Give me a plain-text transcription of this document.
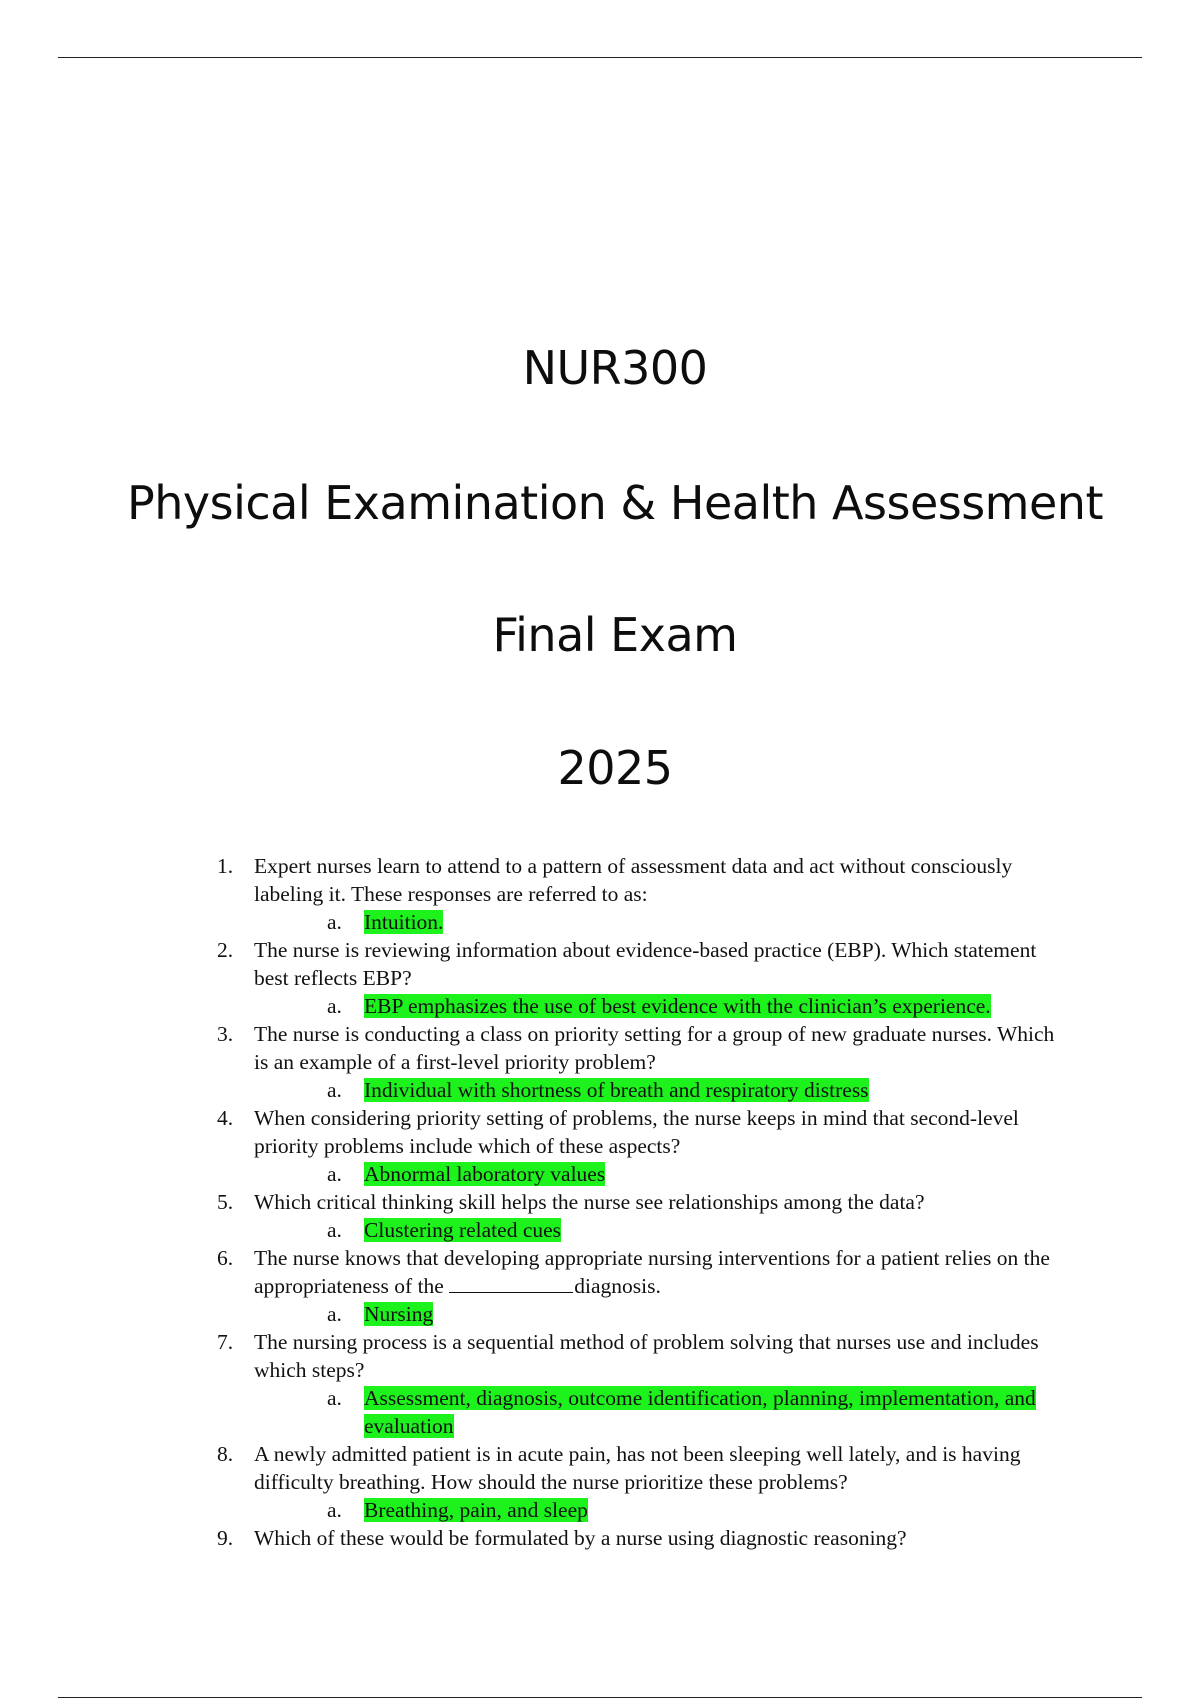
NUR300
Physical Examination & Health Assessment
Final Exam
2025
1. Expert nurses learn to attend to a pattern of assessment data and act without consciously labeling it. These responses are referred to as:
a. Intuition.
2. The nurse is reviewing information about evidence-based practice (EBP). Which statement best reflects EBP?
a. EBP emphasizes the use of best evidence with the clinician’s experience.
3. The nurse is conducting a class on priority setting for a group of new graduate nurses. Which is an example of a first-level priority problem?
a. Individual with shortness of breath and respiratory distress
4. When considering priority setting of problems, the nurse keeps in mind that second-level priority problems include which of these aspects?
a. Abnormal laboratory values
5. Which critical thinking skill helps the nurse see relationships among the data?
a. Clustering related cues
6. The nurse knows that developing appropriate nursing interventions for a patient relies on the appropriateness of the	diagnosis.
a. Nursing
7. The nursing process is a sequential method of problem solving that nurses use and includes which steps?
a. Assessment, diagnosis, outcome identification, planning, implementation, and evaluation
8. A newly admitted patient is in acute pain, has not been sleeping well lately, and is having difficulty breathing. How should the nurse prioritize these problems?
a. Breathing, pain, and sleep
9. Which of these would be formulated by a nurse using diagnostic reasoning?
